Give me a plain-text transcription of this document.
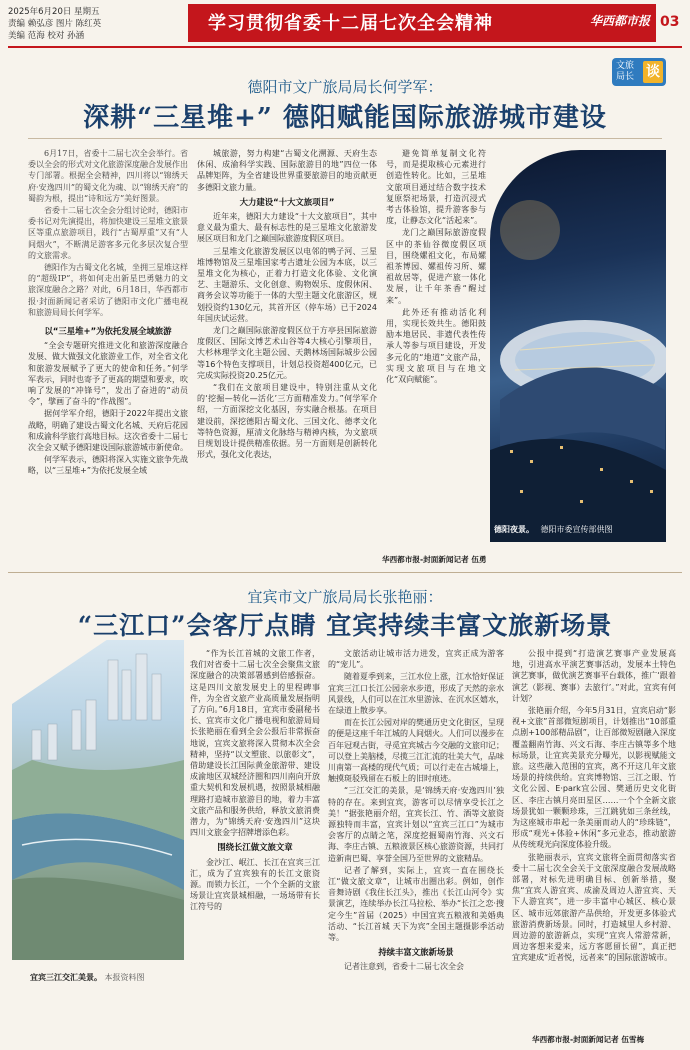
2025年6月20日 星期五
责编 赖弘彦 图片 陈红英
美编 范海 校对 孙涵
学习贯彻省委十二届七次全会精神	华西都市报 03
文旅
局长 谈
德阳市文广旅局局长何学军：
深耕“三星堆+” 德阳赋能国际旅游城市建设

6月17日，省委十二届七次全会举行。省委以全会的形式对文化旅游深度融合发展作出专门部署。根据全会精神，四川将以“锦绣天府·安逸四川”的蜀文化为魂、以“锦绣天府”的蜀韵为根，提出“诗和远方”美好图景。

省委十二届七次全会分组讨论时，德阳市委书记对先演提出，将加快建设三星堆文旅景区等重点旅游项目，践行“古蜀厚重”又有“人间烟火”，不断满足游客多元化多层次复合型的文旅需求。

德阳作为古蜀文化名城，坐拥三星堆这样的“超级IP”，将如何走出新星巴勇魅力的文旅深度融合之路？对此，6月18日，华西都市报·封面新闻记者采访了德阳市文化广播电视和旅游局局长何学军。

以“三星堆+”为依托发展全域旅游

“全会专题研究推进文化和旅游深度融合发展、做大做强文化旅游业工作，对全省文化和旅游发展赋予了更大的使命和任务。”何学军表示，同时也寄予了更高的期望和要求，吹响了发展的“冲锋号”，发出了奋进的“动员令”，擘画了奋斗的“作战图”。

据何学军介绍，德阳于2022年提出文旅战略，明确了建设古蜀文化名城、天府后花园和成渝科学旅行高地目标。这次省委十二届七次全会又赋予德阳建设国际旅游城市新使命。

何学军表示，德阳将深入实施文旅争先战略，以“三星堆+”为依托发展全域

城旅游，努力构建“古蜀文化溯源、天府生态休闲、成渝科学实践、国际旅游目的地”四位一体品牌矩阵，为全省建设世界重要旅游目的地贡献更多德阳文旅力量。

大力建设“十大文旅项目”

近年来，德阳大力建设“十大文旅项目”，其中意义最为重大、最有标志性的是三星堆文化旅游发展区项目和龙门之巅国际旅游度假区项目。

三星堆文化旅游发展区以电邻的鸭子河、三星堆博物馆及三星堆国家考古遗址公园为本底，以三星堆文化为核心，正着力打造文化体验、文化演艺、主题游乐、文化创意、购物娱乐、度假休闲、商务会议等功能于一体的大型主题文化旅游区，规划投资约130亿元，其首开区（停车场）已于2024年国庆试运营。

龙门之巅国际旅游度假区位于方亭县国际旅游度假区、国际文博艺术山谷等4大核心引擎项目，大杉林理学文化主题公园、天鹅林场国际城步公园等16个特色支撑项目，计划总投资超400亿元，已完成实际投资20.25亿元。

“我们在文旅项目建设中，特别注重从文化的‘挖掘—转化—活化’三方面精准发力。”何学军介绍，一方面深挖文化基因，夯实融合根基。在项目建设前，深挖德阳古蜀文化、三国文化、德孝文化等特色资源，厘清文化脉络与精神内核，为文旅项目规划设计提供精准依据。另一方面则是创新转化形式，强化文化表达，

避免简单复制文化符号，而是提取核心元素进行创造性转化。比如，三星堆文旅项目通过结合数字技术复原祭祀场景，打造沉浸式考古体验馆，提升游客参与度，让静态文化“活起来”。

龙门之巅国际旅游度假区中的茶仙谷微度假区项目，围绕嫘祖文化，布局嫘祖茶博园、嫘祖传习所、嫘祖故居等，促进产旅一体化发展，让千年茶香“醒过来”。

此外还有推动活化利用，实现长效共生。德阳鼓励本地居民、非遗代表性传承人等参与项目建设，开发多元化的“地道”文旅产品，实现文旅项目与在地文化“双向赋能”。

德阳夜景。 德阳市委宣传部供图
华西都市报-封面新闻记者 伍勇
宜宾市文广旅局局长张艳丽：
“三江口”会客厅点睛 宜宾持续丰富文旅新场景
宜宾三江交汇美景。 本报资料图

“作为长江首城的文旅工作者，我们对省委十二届七次全会聚焦文旅深度融合的决策部署感到倍感振奋。这是四川文旅发展史上的里程碑事件，为全省文旅产业高质量发展指明了方向。”6月18日，宜宾市委副秘书长、宜宾市文化广播电视和旅游局局长张艳丽在看到全会公报后非常振奋地说，宜宾文旅将深入贯彻本次全会精神，坚持“以文塑旅、以旅彰文”，借助建设长江国际黄金旅游带、建设成渝地区双城经济圈和四川南向开放重大契机和发展机遇，按照景城相融理路打造城市旅游目的地，着力丰富文旅产品和服务供给，释放文旅消费潜力，为“锦绣天府·安逸四川”这块四川文旅金字招牌增添色彩。

围绕长江做文旅文章

金沙江、岷江、长江在宜宾三江汇，成为了宜宾独有的长江文旅资源。而锁力长江，一个个全新的文旅场景让宜宾景城相融，一场场带有长江符号的

文旅活动让城市活力进发，宜宾正成为游客的“宠儿”。

随着夏季到来，三江水位上涨，江水恰好保证宜宾三江口长江公园亲水步道，形成了天然的亲水风景线，人们可以在江水里游泳、在沉水区嬉水，在绿道上散步享。

而在长江公园对岸的樊通历史文化街区，呈现的便是这座千年江城的人间烟火。人们可以漫步在百年冠观古街，寻觅宜宾城古今交融的文旅印记；可以登上美脑楼，尽揽三江汇流的壮美大气，品味川南第一高楼的现代气质；可以行走在古城墙上，触摸斑驳残留在石板上的旧时痕迹。

“三江交汇的美景，是‘锦绣天府·安逸四川’独特的存在。来到宜宾，游客可以尽情享受长江之美！”据张艳丽介绍，宜宾长江、竹、酒等文旅资源独特而丰富，宜宾计划以“宜宾三江口”为城市会客厅的点睛之笔，深度挖掘蜀南竹海、兴文石海、李庄古镇、五粮液景区核心旅游资源，共同打造新南巴蜀、享誉全国乃至世界的文旅精品。

记者了解到，实际上，宜宾一直在围绕长江“做文旅文章”，让城市出圈出彩。例如，创作音舞诗剧《我住长江头》，推出《长江山河令》实景演艺，连续举办长江马拉松、举办“长江之恋·搜定今生”首届（2025）中国宜宾五粮液和美婚典活动、“长江首城 天下为宾”全国主题摄影季活动等。

持续丰富文旅新场景

记者注意到，省委十二届七次全会

公报中提到“打造演艺赛事产业发展高地，引进高水平演艺赛事活动，发展本土特色演艺赛事，做优演艺赛事平台载体，推广‘跟着演艺（影视、赛事）去旅行’。”对此，宜宾有何计划？

张艳丽介绍，今年5月31日，宜宾启动“影视+文旅”首部微短剧项目，计划推出“10部重点剧+100部精品剧”，让百部微短剧融入深度覆盖翻南竹海、兴文石海、李庄古镇等多个地标场景，让宜宾美景充分曝光，以影视赋能文旅。这些融入范围的宜宾，离不开这几年文旅场景的持续供给。宜宾博物馆、三江之眼、竹文化公园、E·park宜公园、樊通历史文化街区、李庄古镇月亮田星区……一个个全新文旅场景犹如一颗颗珍珠，三江跳犹如三条丝线，为这座城市串起一条美丽而动人的“珍珠链”，形成“观光+体验+休闲”多元业态，推动旅游从传统观光向深度体验升级。

张艳丽表示，宜宾文旅将全面贯彻落实省委十二届七次全会关于文旅深度融合发展战略部署，对标先进明确目标、创新举措，聚焦“宜宾人游宜宾、成渝及周边人游宜宾、天下人游宜宾”，进一步丰富中心城区、核心景区、城市远郊旅游产品供给，开发更多体验式旅游消费新场景。同时，打造城里人乡村游、周边游的旅游新点，实现“宜宾人常游常新，周边客想来爱来，远方客愿留长留”，真正把宜宾建成“近者悦，远者来”的国际旅游城市。

华西都市报-封面新闻记者 伍雪梅
